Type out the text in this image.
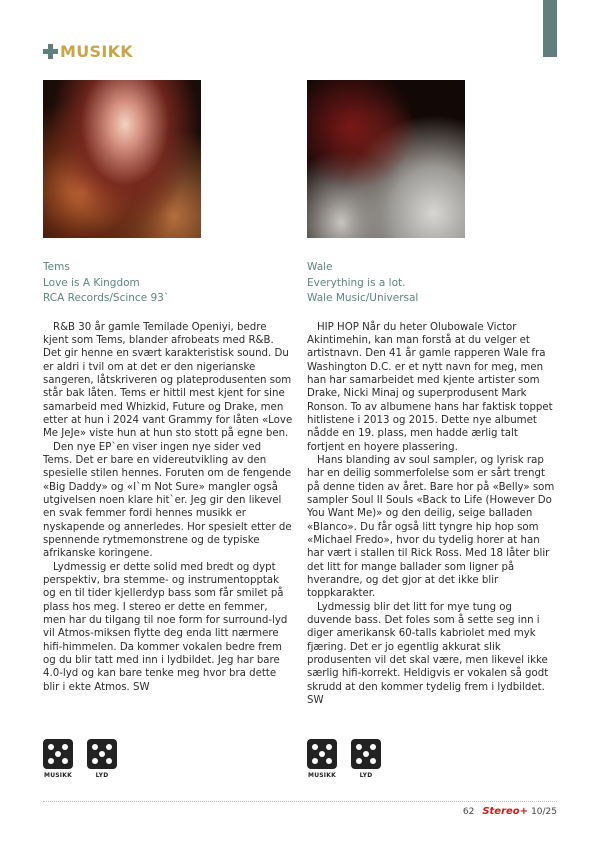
MUSIKK
Tems
Love is A Kingdom
RCA Records/Scince 93`

R&B 30 år gamle Temilade Openiyi, bedre kjent som Tems, blander afrobeats med R&B. Det gir henne en svært karakteristisk sound. Du er aldri i tvil om at det er den nigerianske sangeren, låtskriveren og plateprodusenten som står bak låten. Tems er hittil mest kjent for sine samarbeid med Whizkid, Future og Drake, men etter at hun i 2024 vant Grammy for låten «Love Me JeJe» viste hun at hun sto stott på egne ben.

Den nye EP`en viser ingen nye sider ved Tems. Det er bare en videreutvikling av den spesielle stilen hennes. Foruten om de fengende «Big Daddy» og «I`m Not Sure» mangler også utgivelsen noen klare hit`er. Jeg gir den likevel en svak femmer fordi hennes musikk er nyskapende og annerledes. Hor spesielt etter de spennende rytmemonstrene og de typiske afrikanske koringene.

Lydmessig er dette solid med bredt og dypt perspektiv, bra stemme- og instrumentopptak og en til tider kjellerdyp bass som får smilet på plass hos meg. I stereo er dette en femmer, men har du tilgang til noe form for surround-lyd vil Atmos-miksen flytte deg enda litt nærmere hifi-himmelen. Da kommer vokalen bedre frem og du blir tatt med inn i lydbildet. Jeg har bare 4.0-lyd og kan bare tenke meg hvor bra dette blir i ekte Atmos. SW

Wale
Everything is a lot.
Wale Music/Universal

HIP HOP Når du heter Olubowale Victor Akintimehin, kan man forstå at du velger et artistnavn. Den 41 år gamle rapperen Wale fra Washington D.C. er et nytt navn for meg, men han har samarbeidet med kjente artister som Drake, Nicki Minaj og superprodusent Mark Ronson. To av albumene hans har faktisk toppet hitlistene i 2013 og 2015. Dette nye albumet nådde en 19. plass, men hadde ærlig talt fortjent en hoyere plassering.

Hans blanding av soul sampler, og lyrisk rap har en deilig sommerfolelse som er sårt trengt på denne tiden av året. Bare hor på «Belly» som sampler Soul II Souls «Back to Life (However Do You Want Me)» og den deilig, seige balladen «Blanco». Du får også litt tyngre hip hop som «Michael Fredo», hvor du tydelig horer at han har vært i stallen til Rick Ross. Med 18 låter blir det litt for mange ballader som ligner på hverandre, og det gjor at det ikke blir toppkarakter.

Lydmessig blir det litt for mye tung og duvende bass. Det foles som å sette seg inn i diger amerikansk 60-talls kabriolet med myk fjæring. Det er jo egentlig akkurat slik produsenten vil det skal være, men likevel ikke særlig hifi-korrekt. Heldigvis er vokalen så godt skrudd at den kommer tydelig frem i lydbildet. SW

MUSIKK	LYD	MUSIKK	LYD
62 Stereo+ 10/25
